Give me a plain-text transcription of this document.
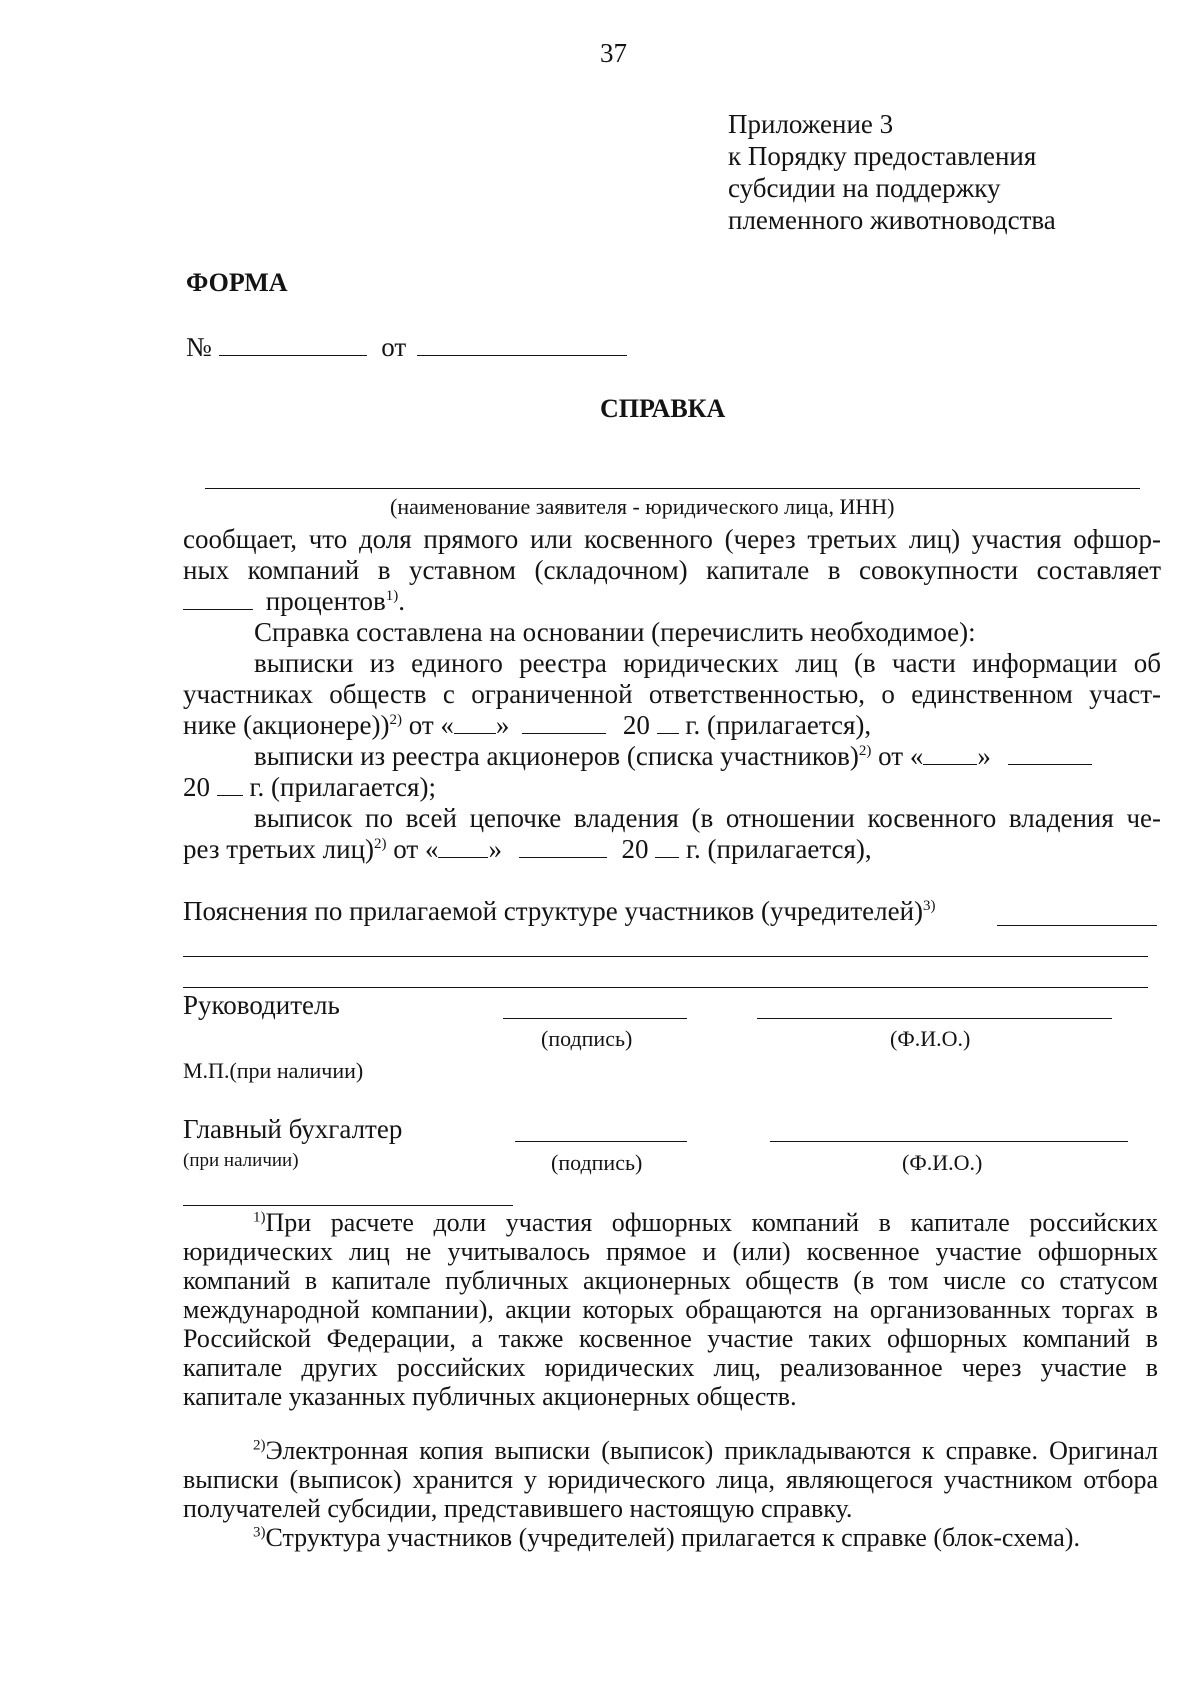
37
Приложение 3
к Порядку предоставления
субсидии на поддержку
племенного животноводства
ФОРМА
№	от
СПРАВКА
(наименование заявителя - юридического лица, ИНН)
сообщает, что доля прямого или косвенного (через третьих лиц) участия офшор-
ных компаний в уставном (складочном) капитале в совокупности составляет
процентов$^{1)}$.
Справка составлена на основании (перечислить необходимое):
выписки из единого реестра юридических лиц (в части информации об
участниках обществ с ограниченной ответственностью, о единственном участ-
нике (акционере))$^{2)}$ от « »	20 г. (прилагается),
выписки из реестра акционеров (списка участников)$^{2)}$ от « »
20 г. (прилагается);
выписок по всей цепочке владения (в отношении косвенного владения че-
рез третьих лиц)$^{2)}$ от « »	20 г. (прилагается),
Пояснения по прилагаемой структуре участников (учредителей)$^{3)}$
Руководитель
(подпись)	(Ф.И.О.)
М.П.(при наличии)
Главный бухгалтер
(при наличии)	(подпись)	(Ф.И.О.)
$^{1)}$При расчете доли участия офшорных компаний в капитале российских юридических лиц не учитывалось прямое и (или) косвенное участие офшорных компаний в капитале публичных акционерных обществ (в том числе со статусом международной компании), акции которых обращаются на организованных торгах в Российской Федерации, а также косвенное участие таких офшорных компаний в капитале других российских юридических лиц, реализованное через участие в капитале указанных публичных акционерных обществ.
$^{2)}$Электронная копия выписки (выписок) прикладываются к справке. Оригинал выписки (выписок) хранится у юридического лица, являющегося участником отбора получателей субсидии, представившего настоящую справку.
$^{3)}$Структура участников (учредителей) прилагается к справке (блок-схема).
